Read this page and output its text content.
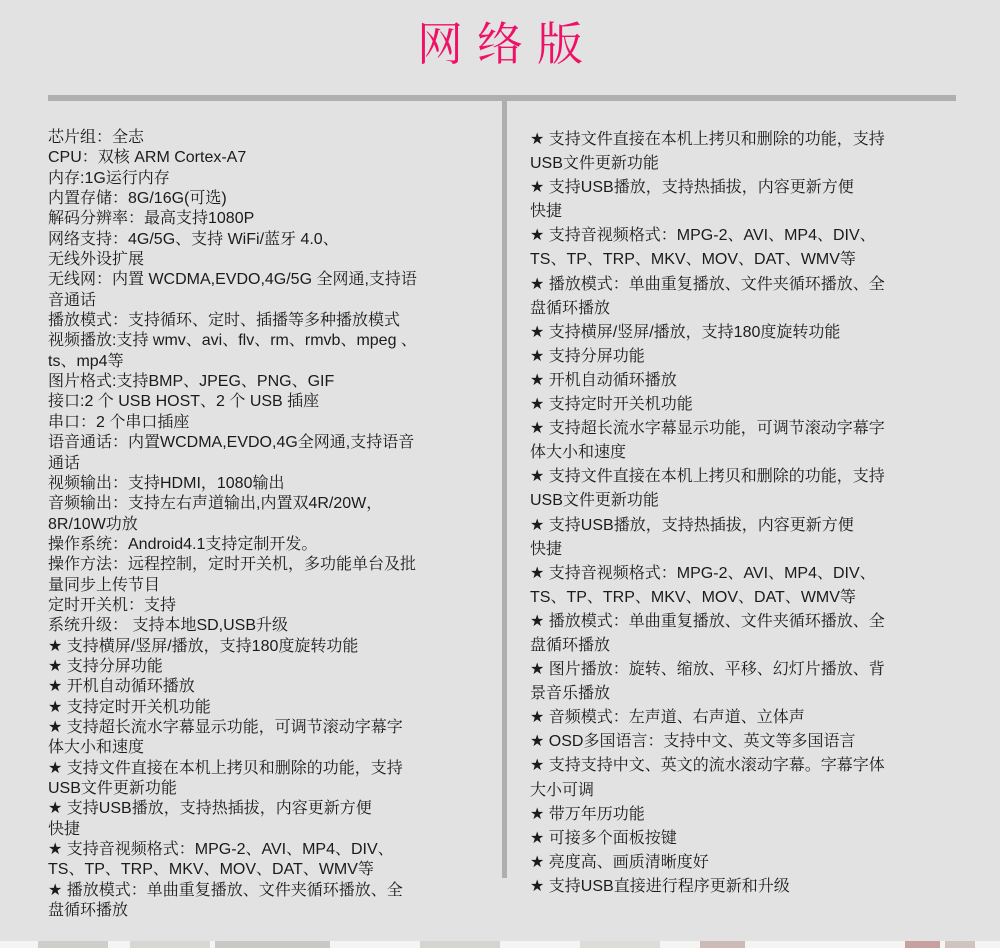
网络版
芯片组：全志
CPU：双核 ARM Cortex-A7
内存:1G运行内存
内置存储：8G/16G(可选)
解码分辨率：最高支持1080P
网络支持：4G/5G、支持 WiFi/蓝牙 4.0、
无线外设扩展
无线网：内置 WCDMA,EVDO,4G/5G 全网通,支持语
音通话
播放模式：支持循环、定时、插播等多种播放模式
视频播放:支持 wmv、avi、flv、rm、rmvb、mpeg 、
ts、mp4等
图片格式:支持BMP、JPEG、PNG、GIF
接口:2 个 USB HOST、2 个 USB 插座
串口：2 个串口插座
语音通话：内置WCDMA,EVDO,4G全网通,支持语音
通话
视频输出：支持HDMI，1080输出
音频输出：支持左右声道输出,内置双4R/20W，
8R/10W功放
操作系统：Android4.1支持定制开发。
操作方法：远程控制，定时开关机，多功能单台及批
量同步上传节目
定时开关机：支持
系统升级： 支持本地SD,USB升级
★ 支持横屏/竖屏/播放，支持180度旋转功能
★ 支持分屏功能
★ 开机自动循环播放
★ 支持定时开关机功能
★ 支持超长流水字幕显示功能，可调节滚动字幕字
体大小和速度
★ 支持文件直接在本机上拷贝和删除的功能，支持
USB文件更新功能
★ 支持USB播放，支持热插拔，内容更新方便
快捷
★ 支持音视频格式：MPG-2、AVI、MP4、DIV、
TS、TP、TRP、MKV、MOV、DAT、WMV等
★ 播放模式：单曲重复播放、文件夹循环播放、全
盘循环播放
★ 支持文件直接在本机上拷贝和删除的功能，支持
USB文件更新功能
★ 支持USB播放，支持热插拔，内容更新方便
快捷
★ 支持音视频格式：MPG-2、AVI、MP4、DIV、
TS、TP、TRP、MKV、MOV、DAT、WMV等
★ 播放模式：单曲重复播放、文件夹循环播放、全
盘循环播放
★ 支持横屏/竖屏/播放，支持180度旋转功能
★ 支持分屏功能
★ 开机自动循环播放
★ 支持定时开关机功能
★ 支持超长流水字幕显示功能，可调节滚动字幕字
体大小和速度
★ 支持文件直接在本机上拷贝和删除的功能，支持
USB文件更新功能
★ 支持USB播放，支持热插拔，内容更新方便
快捷
★ 支持音视频格式：MPG-2、AVI、MP4、DIV、
TS、TP、TRP、MKV、MOV、DAT、WMV等
★ 播放模式：单曲重复播放、文件夹循环播放、全
盘循环播放
★ 图片播放：旋转、缩放、平移、幻灯片播放、背
景音乐播放
★ 音频模式：左声道、右声道、立体声
★ OSD多国语言：支持中文、英文等多国语言
★ 支持支持中文、英文的流水滚动字幕。字幕字体
大小可调
★ 带万年历功能
★ 可接多个面板按键
★ 亮度高、画质清晰度好
★ 支持USB直接进行程序更新和升级
